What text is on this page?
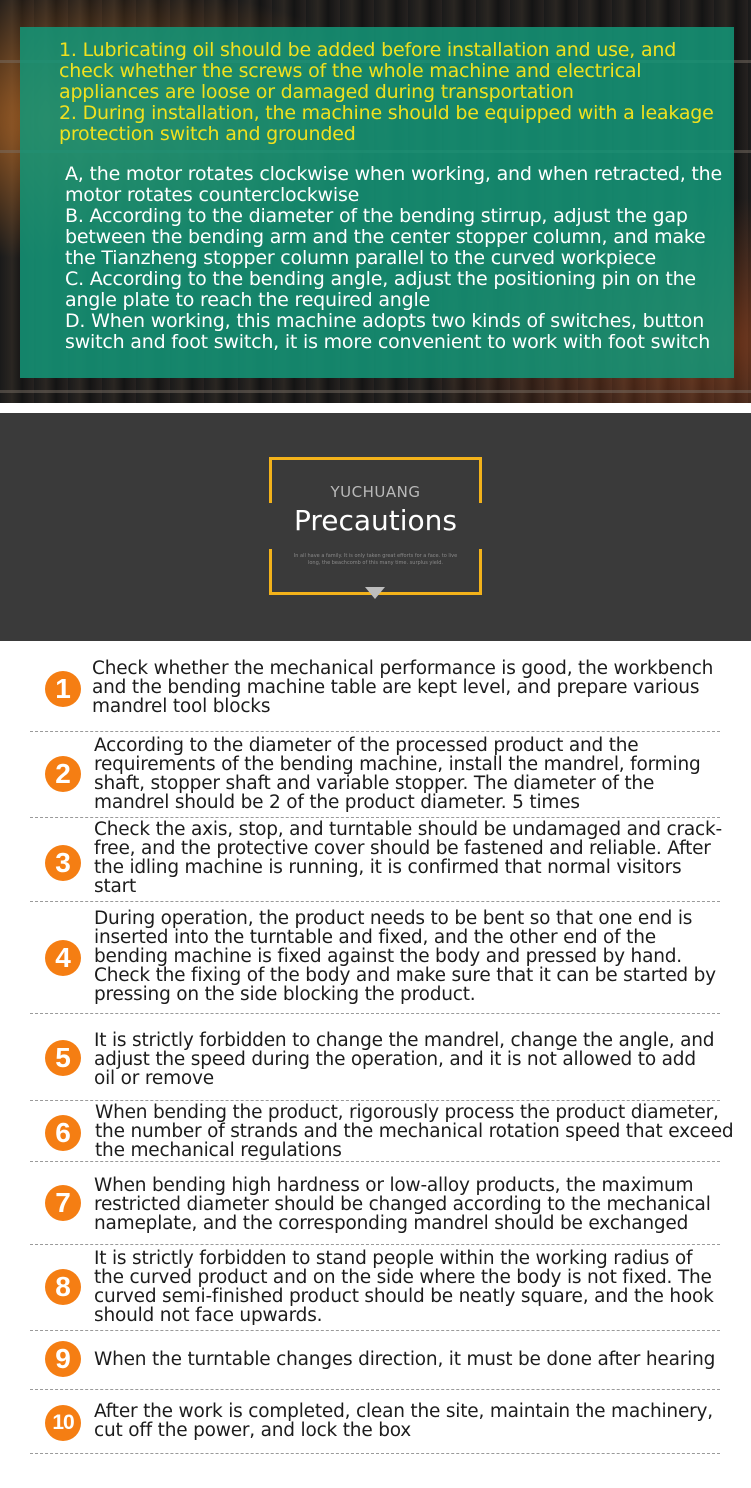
1. Lubricating oil should be added before installation and use, and check whether the screws of the whole machine and electrical appliances are loose or damaged during transportation

2. During installation, the machine should be equipped with a leakage protection switch and grounded

A, the motor rotates clockwise when working, and when retracted, the motor rotates counterclockwise

B. According to the diameter of the bending stirrup, adjust the gap between the bending arm and the center stopper column, and make the Tianzheng stopper column parallel to the curved workpiece

C. According to the bending angle, adjust the positioning pin on the angle plate to reach the required angle

D. When working, this machine adopts two kinds of switches, button switch and foot switch, it is more convenient to work with foot switch

YUCHUANG
Precautions
In all have a family. It is only taken great efforts for a face. to live long, the beachcomb of this many time. surplus yield.
1
Check whether the mechanical performance is good, the workbench and the bending machine table are kept level, and prepare various mandrel tool blocks
2
According to the diameter of the processed product and the requirements of the bending machine, install the mandrel, forming shaft, stopper shaft and variable stopper. The diameter of the mandrel should be 2 of the product diameter. 5 times
3
Check the axis, stop, and turntable should be undamaged and crack-free, and the protective cover should be fastened and reliable. After the idling machine is running, it is confirmed that normal visitors start
4
During operation, the product needs to be bent so that one end is inserted into the turntable and fixed, and the other end of the bending machine is fixed against the body and pressed by hand. Check the fixing of the body and make sure that it can be started by pressing on the side blocking the product.
5
It is strictly forbidden to change the mandrel, change the angle, and adjust the speed during the operation, and it is not allowed to add oil or remove
6
When bending the product, rigorously process the product diameter, the number of strands and the mechanical rotation speed that exceed the mechanical regulations
7
When bending high hardness or low-alloy products, the maximum restricted diameter should be changed according to the mechanical nameplate, and the corresponding mandrel should be exchanged
8
It is strictly forbidden to stand people within the working radius of the curved product and on the side where the body is not fixed. The curved semi-finished product should be neatly square, and the hook should not face upwards.
9	When the turntable changes direction, it must be done after hearing
10	After the work is completed, clean the site, maintain the machinery, cut off the power, and lock the box
